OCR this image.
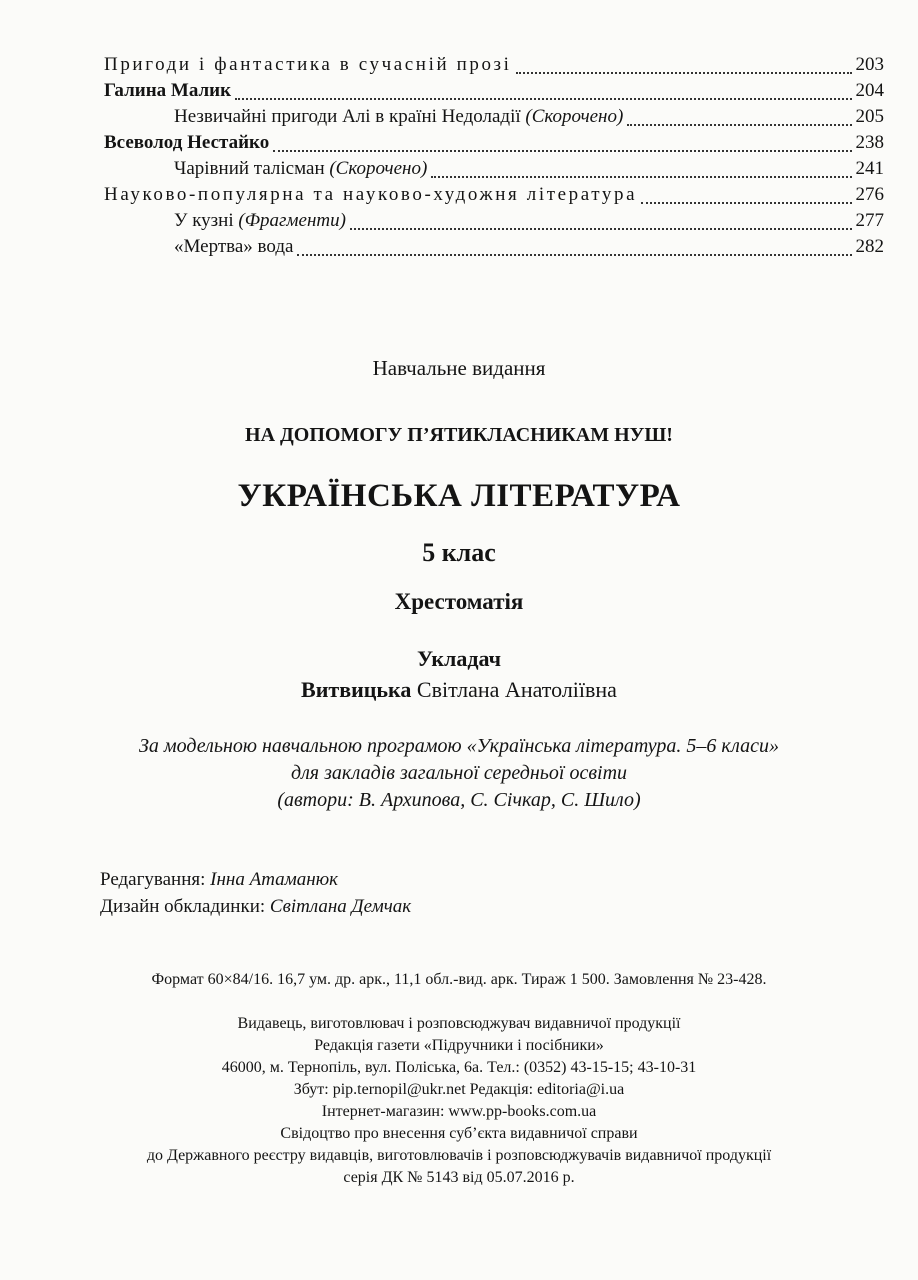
Пригоди і фантастика в сучасній прозі	203
Галина Малик	204
Незвичайні пригоди Алі в країні Недоладії (Скорочено)	205
Всеволод Нестайко	238
Чарівний талісман (Скорочено)	241
Науково-популярна та науково-художня література	276
У кузні (Фрагменти)	277
«Мертва» вода	282
Навчальне видання
НА ДОПОМОГУ П’ЯТИКЛАСНИКАМ НУШ!
УКРАЇНСЬКА ЛІТЕРАТУРА
5 клас
Хрестоматія
Укладач
Витвицька Світлана Анатоліївна
За модельною навчальною програмою «Українська література. 5–6 класи»
для закладів загальної середньої освіти
(автори: В. Архипова, С. Січкар, С. Шило)
Редагування: Інна Атаманюк
Дизайн обкладинки: Світлана Демчак
Формат 60×84/16. 16,7 ум. др. арк., 11,1 обл.-вид. арк. Тираж 1 500. Замовлення № 23-428.
Видавець, виготовлювач і розповсюджувач видавничої продукції
Редакція газети «Підручники і посібники»
46000, м. Тернопіль, вул. Поліська, 6а. Тел.: (0352) 43-15-15; 43-10-31
Збут: pip.ternopil@ukr.net Редакція: editoria@i.ua
Інтернет-магазин: www.pp-books.com.ua
Свідоцтво про внесення суб’єкта видавничої справи
до Державного реєстру видавців, виготовлювачів і розповсюджувачів видавничої продукції
серія ДК № 5143 від 05.07.2016 р.
